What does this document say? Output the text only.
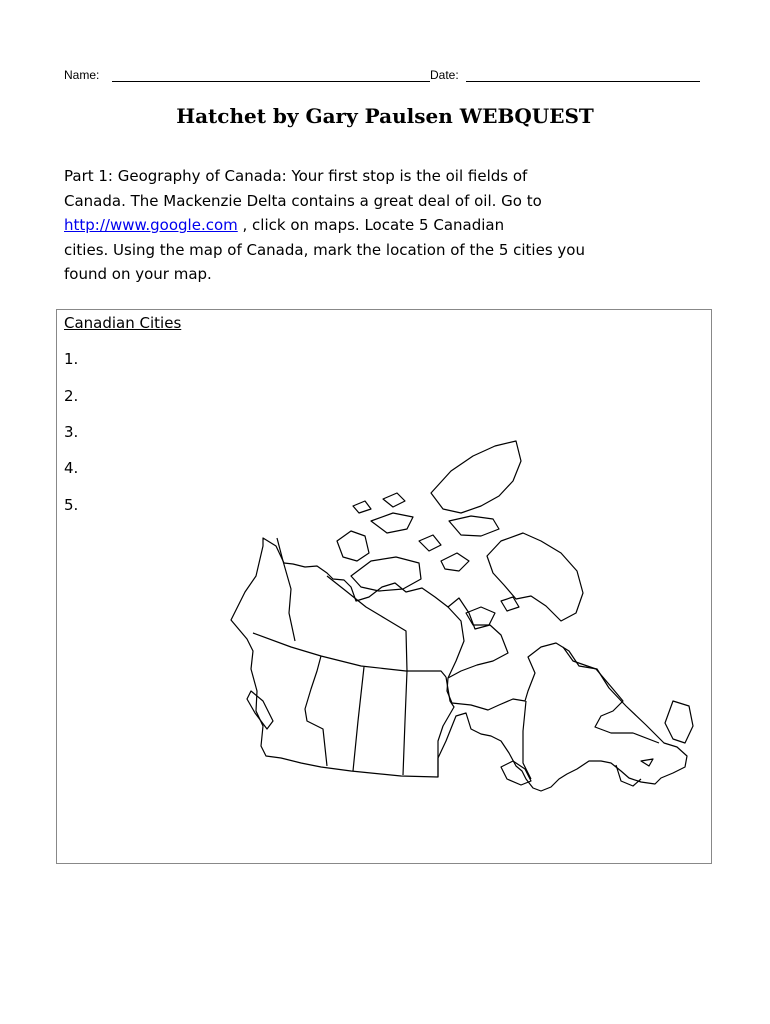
Name:	Date:
Hatchet by Gary Paulsen WEBQUEST
Part 1: Geography of Canada: Your first stop is the oil fields of
Canada. The Mackenzie Delta contains a great deal of oil. Go to
http://www.google.com , click on maps. Locate 5 Canadian
cities. Using the map of Canada, mark the location of the 5 cities you
found on your map.
Canadian Cities
1.
2.
3.
4.
5.
